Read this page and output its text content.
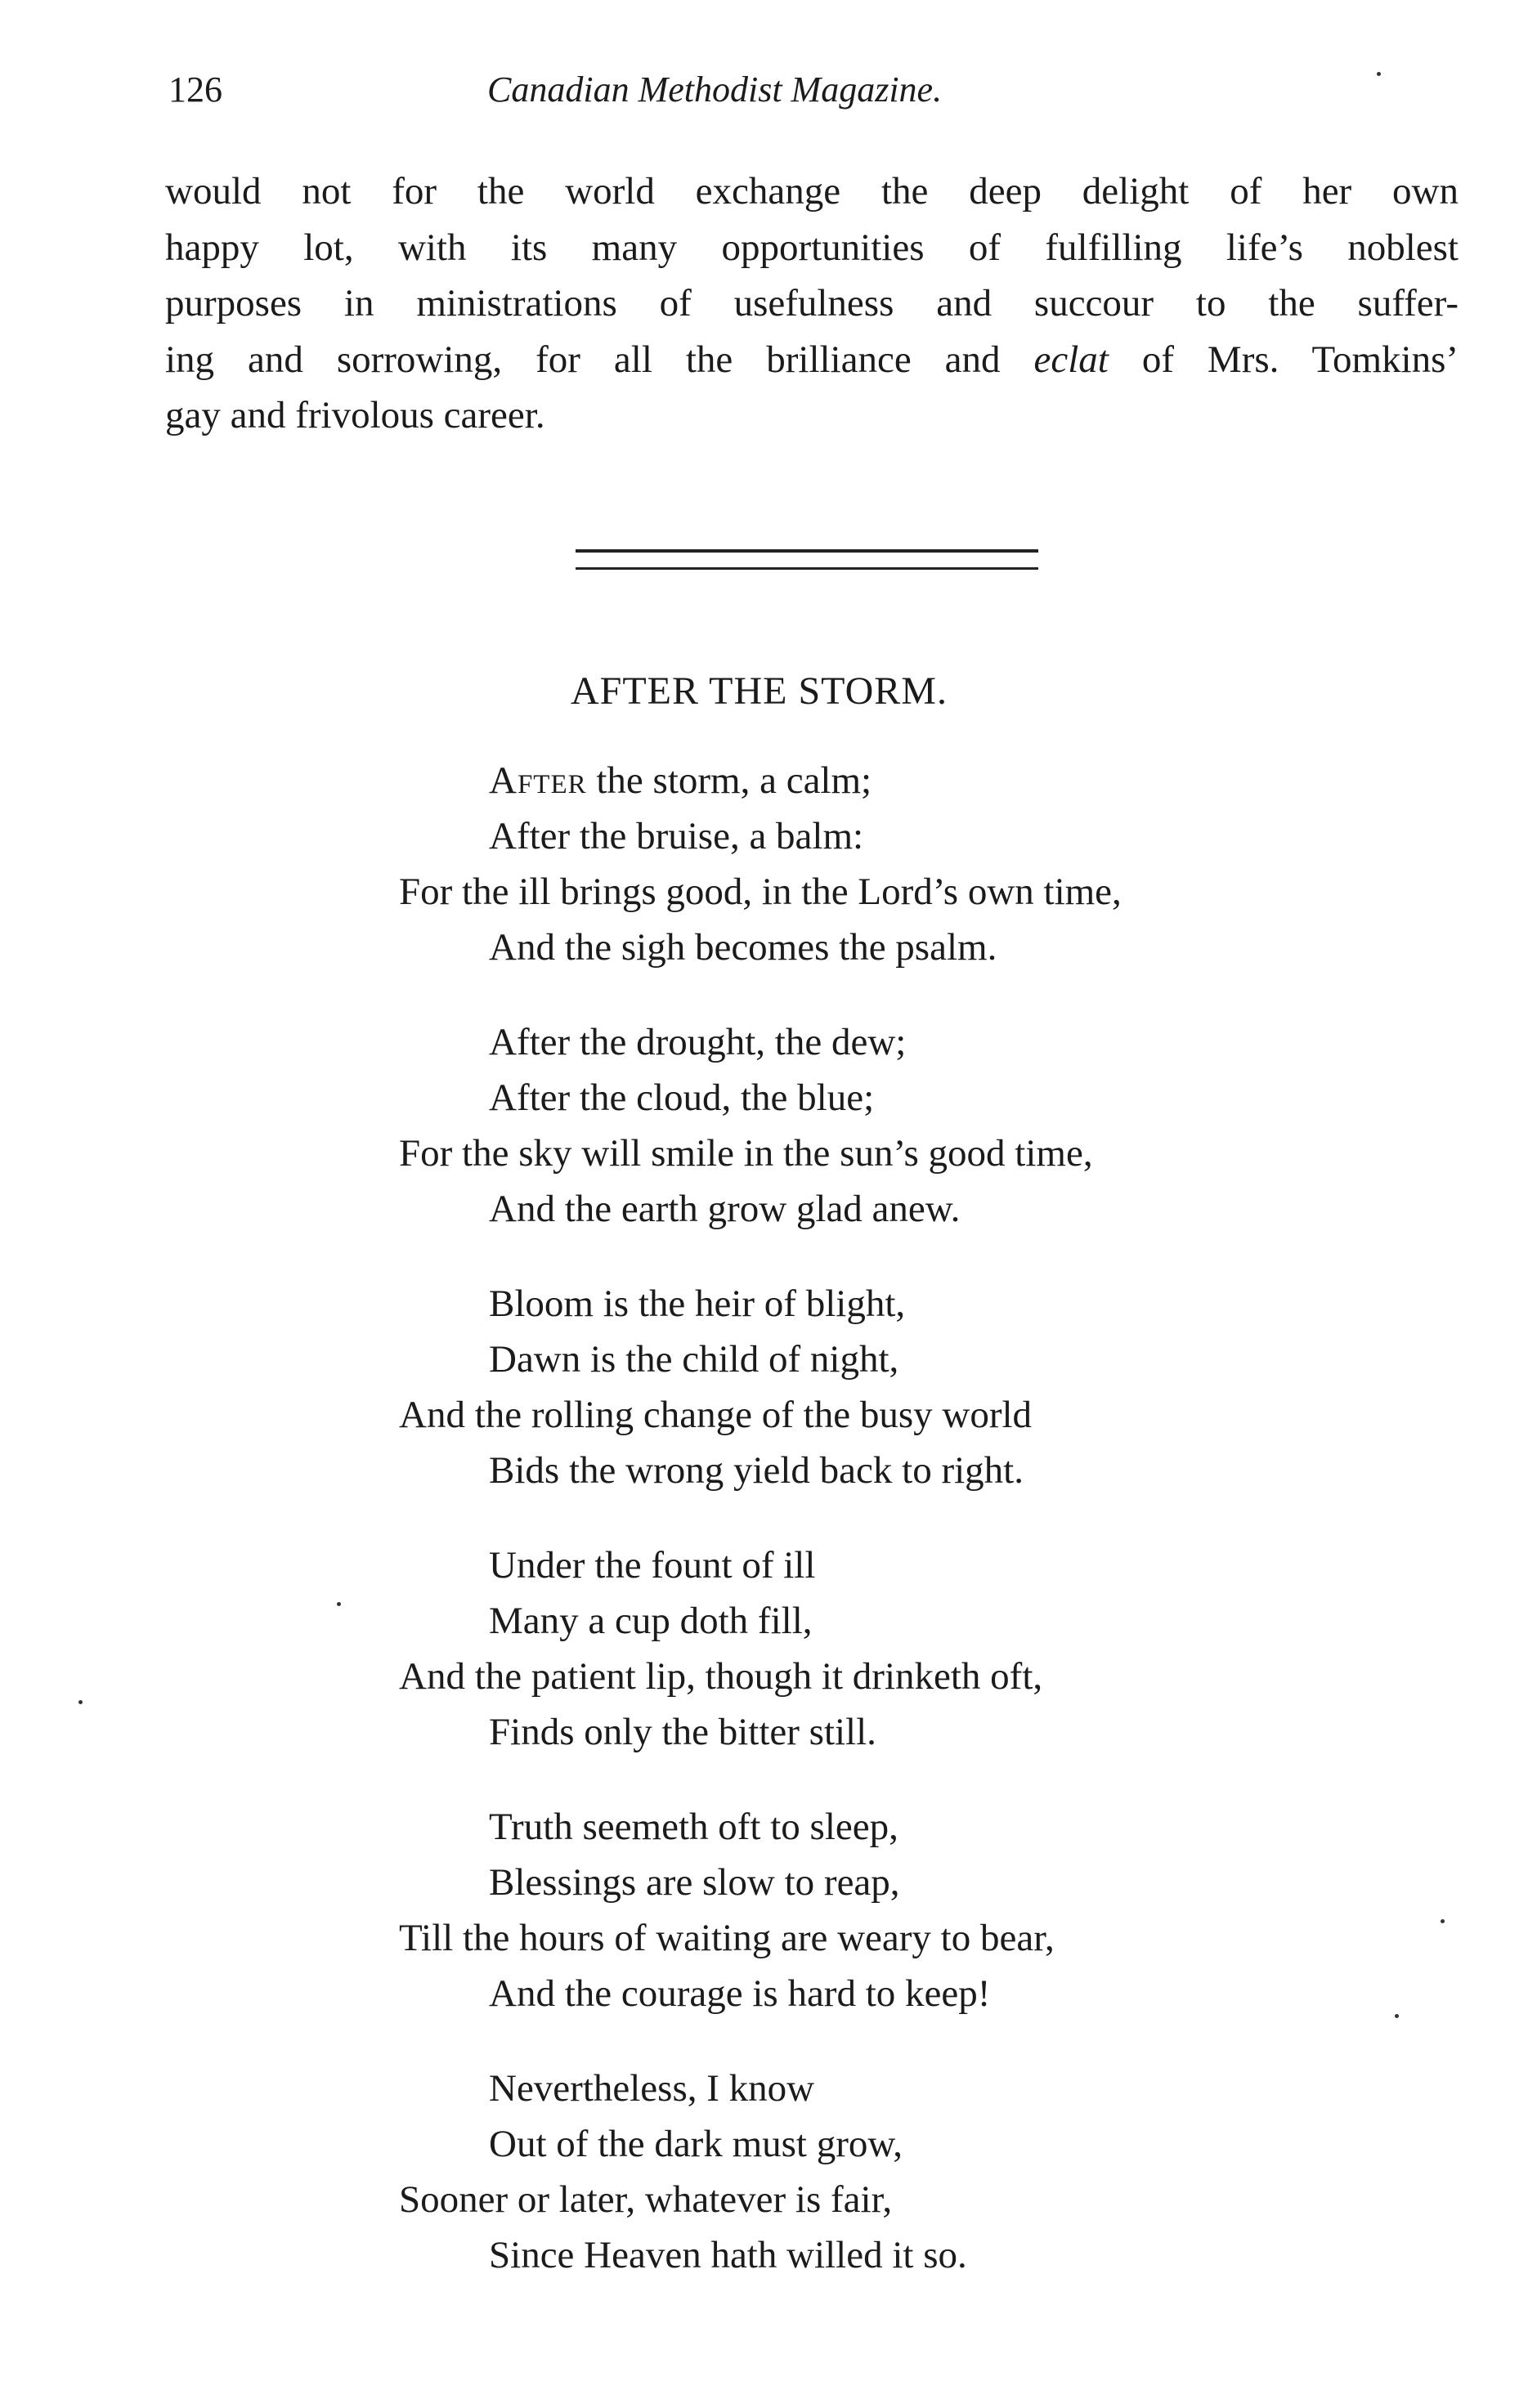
126	Canadian Methodist Magazine.
would not for the world exchange the deep delight of her own
happy lot, with its many opportunities of fulfilling life’s noblest
purposes in ministrations of usefulness and succour to the suffer-
ing and sorrowing, for all the brilliance and eclat of Mrs. Tomkins’
gay and frivolous career.
AFTER THE STORM.
After the storm, a calm;
After the bruise, a balm:
For the ill brings good, in the Lord’s own time,
And the sigh becomes the psalm.
After the drought, the dew;
After the cloud, the blue;
For the sky will smile in the sun’s good time,
And the earth grow glad anew.
Bloom is the heir of blight,
Dawn is the child of night,
And the rolling change of the busy world
Bids the wrong yield back to right.
Under the fount of ill
Many a cup doth fill,
And the patient lip, though it drinketh oft,
Finds only the bitter still.
Truth seemeth oft to sleep,
Blessings are slow to reap,
Till the hours of waiting are weary to bear,
And the courage is hard to keep!
Nevertheless, I know
Out of the dark must grow,
Sooner or later, whatever is fair,
Since Heaven hath willed it so.
